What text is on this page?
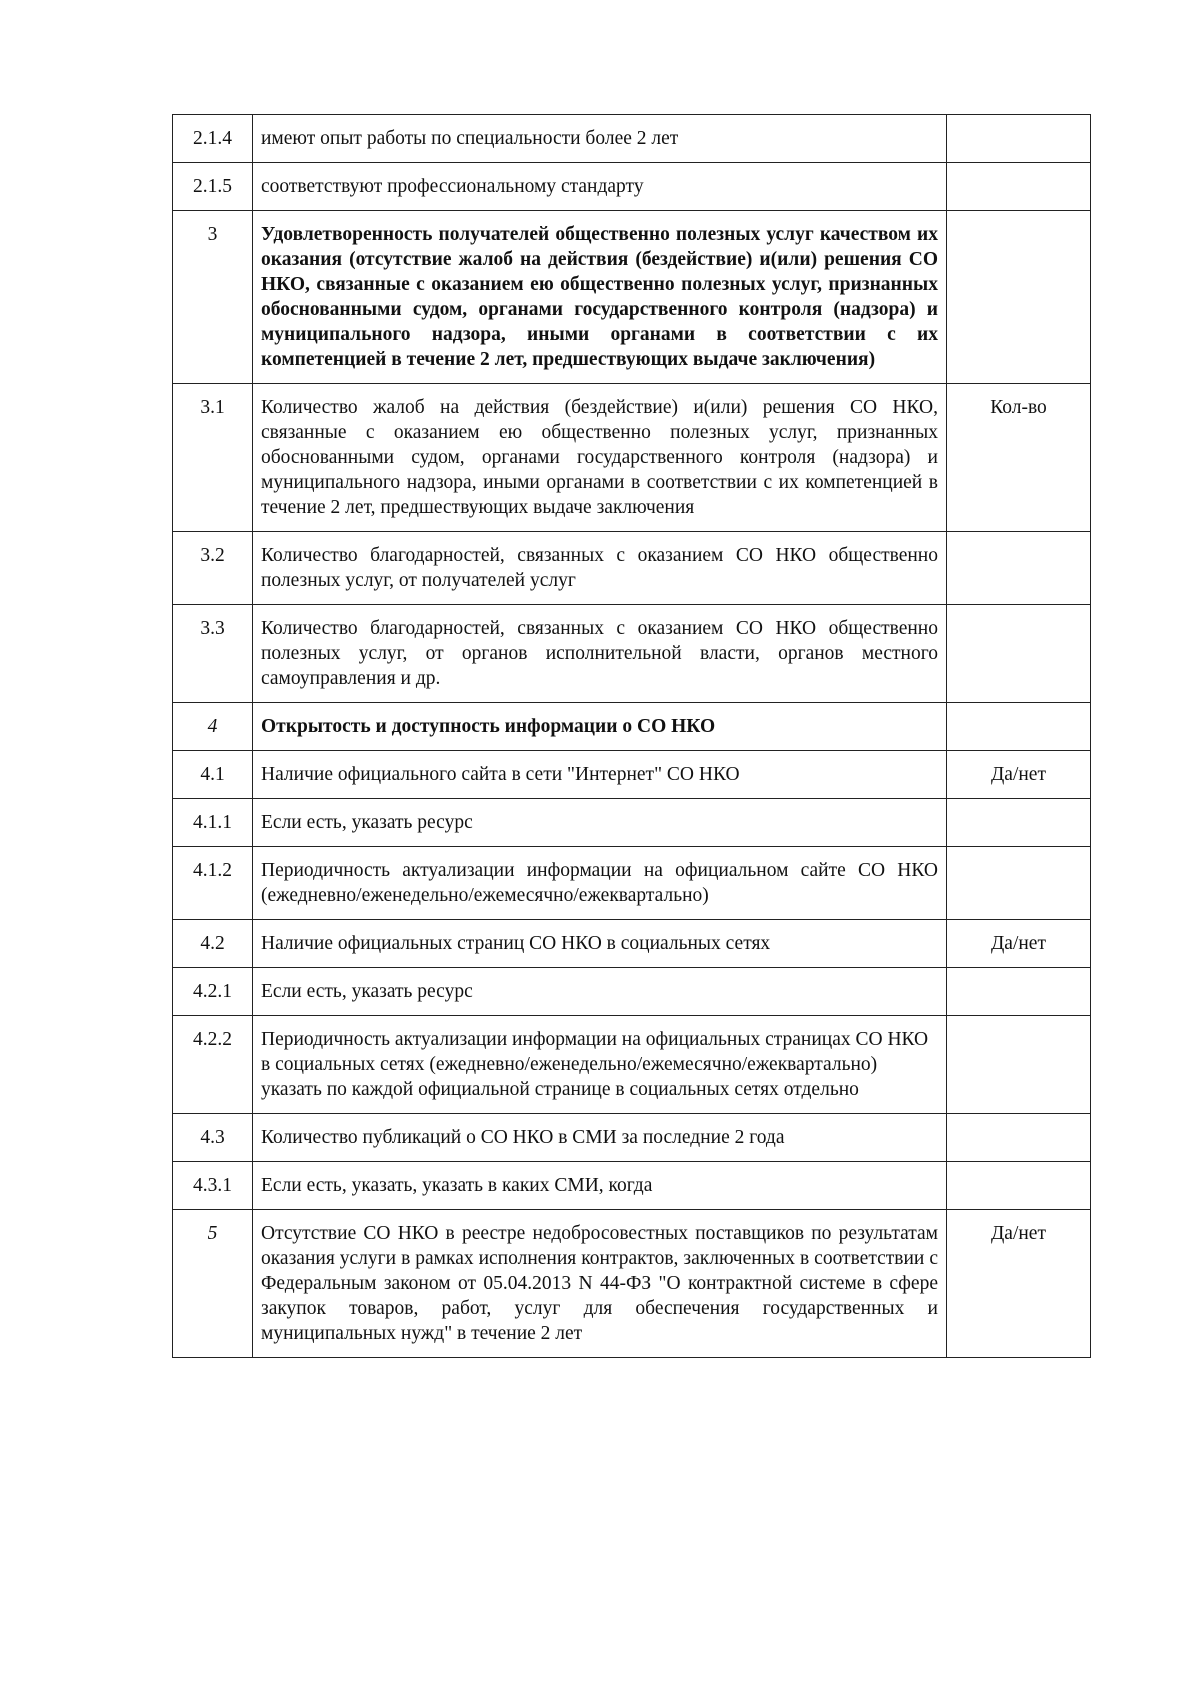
2.1.4	имеют опыт работы по специальности более 2 лет	
2.1.5	соответствуют профессиональному стандарту	
3	Удовлетворенность получателей общественно полезных услуг качеством их оказания (отсутствие жалоб на действия (бездействие) и(или) решения СО НКО, связанные с оказанием ею общественно полезных услуг, признанных обоснованными судом, органами государственного контроля (надзора) и муниципального надзора, иными органами в соответствии с их компетенцией в течение 2 лет, предшествующих выдаче заключения)	
3.1	Количество жалоб на действия (бездействие) и(или) решения СО НКО, связанные с оказанием ею общественно полезных услуг, признанных обоснованными судом, органами государственного контроля (надзора) и муниципального надзора, иными органами в соответствии с их компетенцией в течение 2 лет, предшествующих выдаче заключения	Кол-во
3.2	Количество благодарностей, связанных с оказанием СО НКО общественно полезных услуг, от получателей услуг	
3.3	Количество благодарностей, связанных с оказанием СО НКО общественно полезных услуг, от органов исполнительной власти, органов местного самоуправления и др.	
4	Открытость и доступность информации о СО НКО	
4.1	Наличие официального сайта в сети "Интернет" СО НКО	Да/нет
4.1.1	Если есть, указать ресурс	
4.1.2	Периодичность актуализации информации на официальном сайте СО НКО (ежедневно/еженедельно/ежемесячно/ежеквартально)	
4.2	Наличие официальных страниц СО НКО в социальных сетях	Да/нет
4.2.1	Если есть, указать ресурс	
4.2.2	Периодичность актуализации информации на официальных страницах СО НКО в социальных сетях (ежедневно/еженедельно/ежемесячно/ежеквартально) указать по каждой официальной странице в социальных сетях отдельно	
4.3	Количество публикаций о СО НКО в СМИ за последние 2 года	
4.3.1	Если есть, указать, указать в каких СМИ, когда	
5	Отсутствие СО НКО в реестре недобросовестных поставщиков по результатам оказания услуги в рамках исполнения контрактов, заключенных в соответствии с Федеральным законом от 05.04.2013 N 44-ФЗ "О контрактной системе в сфере закупок товаров, работ, услуг для обеспечения государственных и муниципальных нужд" в течение 2 лет	Да/нет
